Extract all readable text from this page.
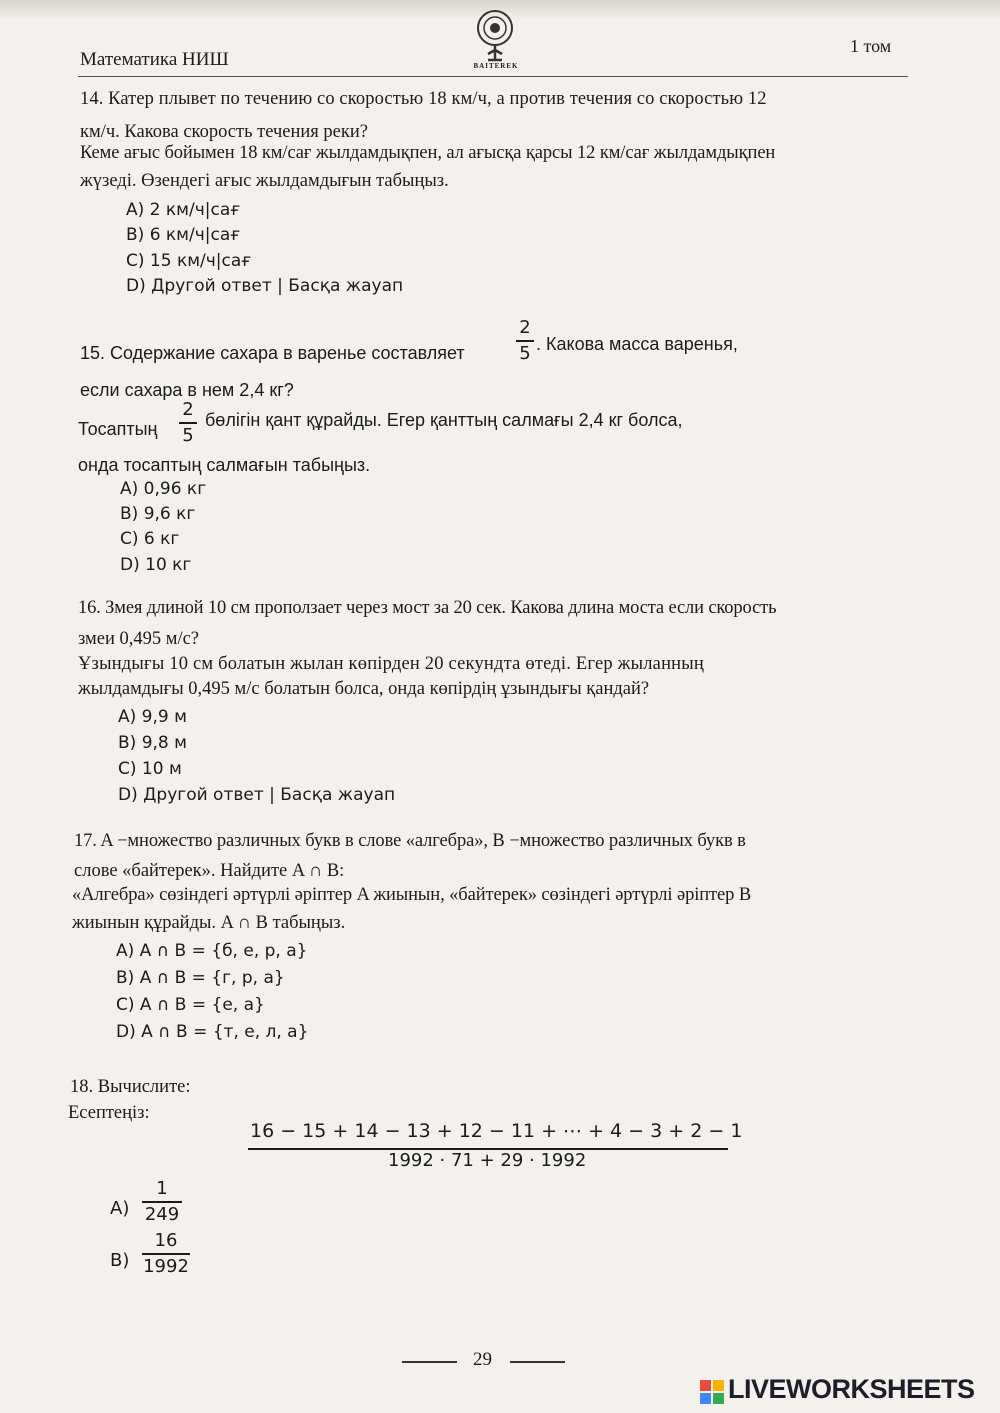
Математика НИШ	BAITEREK
1 том
14. Катер плывет по течению со скоростью 18 км/ч, а против течения со скоростью 12
км/ч. Какова скорость течения реки?
Кеме ағыс бойымен 18 км/сағ жылдамдықпен, ал ағысқа қарсы 12 км/сағ жылдамдықпен
жүзеді. Өзендегі ағыс жылдамдығын табыңыз.
A) 2 км/ч|сағ
B) 6 км/ч|сағ
C) 15 км/ч|сағ
D) Другой ответ | Басқа жауап
15. Содержание сахара в варенье составляет
2
5 . Какова масса варенья,
если сахара в нем 2,4 кг?
Тосаптың
2
5
бөлігін қант құрайды. Егер қанттың салмағы 2,4 кг болса,
онда тосаптың салмағын табыңыз.
A) 0,96 кг
B) 9,6 кг
C) 6 кг
D) 10 кг
16. Змея длиной 10 см проползает через мост за 20 сек. Какова длина моста если скорость
змеи 0,495 м/с?
Ұзындығы 10 см болатын жылан көпірден 20 секундта өтеді. Егер жыланның
жылдамдығы 0,495 м/с болатын болса, онда көпірдің ұзындығы қандай?
A) 9,9 м
B) 9,8 м
C) 10 м
D) Другой ответ | Басқа жауап
17. A −множество различных букв в слове «алгебра», B −множество различных букв в
слове «байтерек». Найдите A ∩ B:
«Алгебра» сөзіндегі әртүрлі әріптер A жиынын, «байтерек» сөзіндегі әртүрлі әріптер B
жиынын құрайды. A ∩ B табыңыз.
A) A ∩ B = {б, е, р, а}
B) A ∩ B = {г, р, а}
C) A ∩ B = {е, а}
D) A ∩ B = {т, е, л, а}
18. Вычислите:
Есептеңіз:
16 − 15 + 14 − 13 + 12 − 11 + ⋯ + 4 − 3 + 2 − 1
1992 · 71 + 29 · 1992
A)
1
249
B)
16
1992
29
LIVEWORKSHEETS
